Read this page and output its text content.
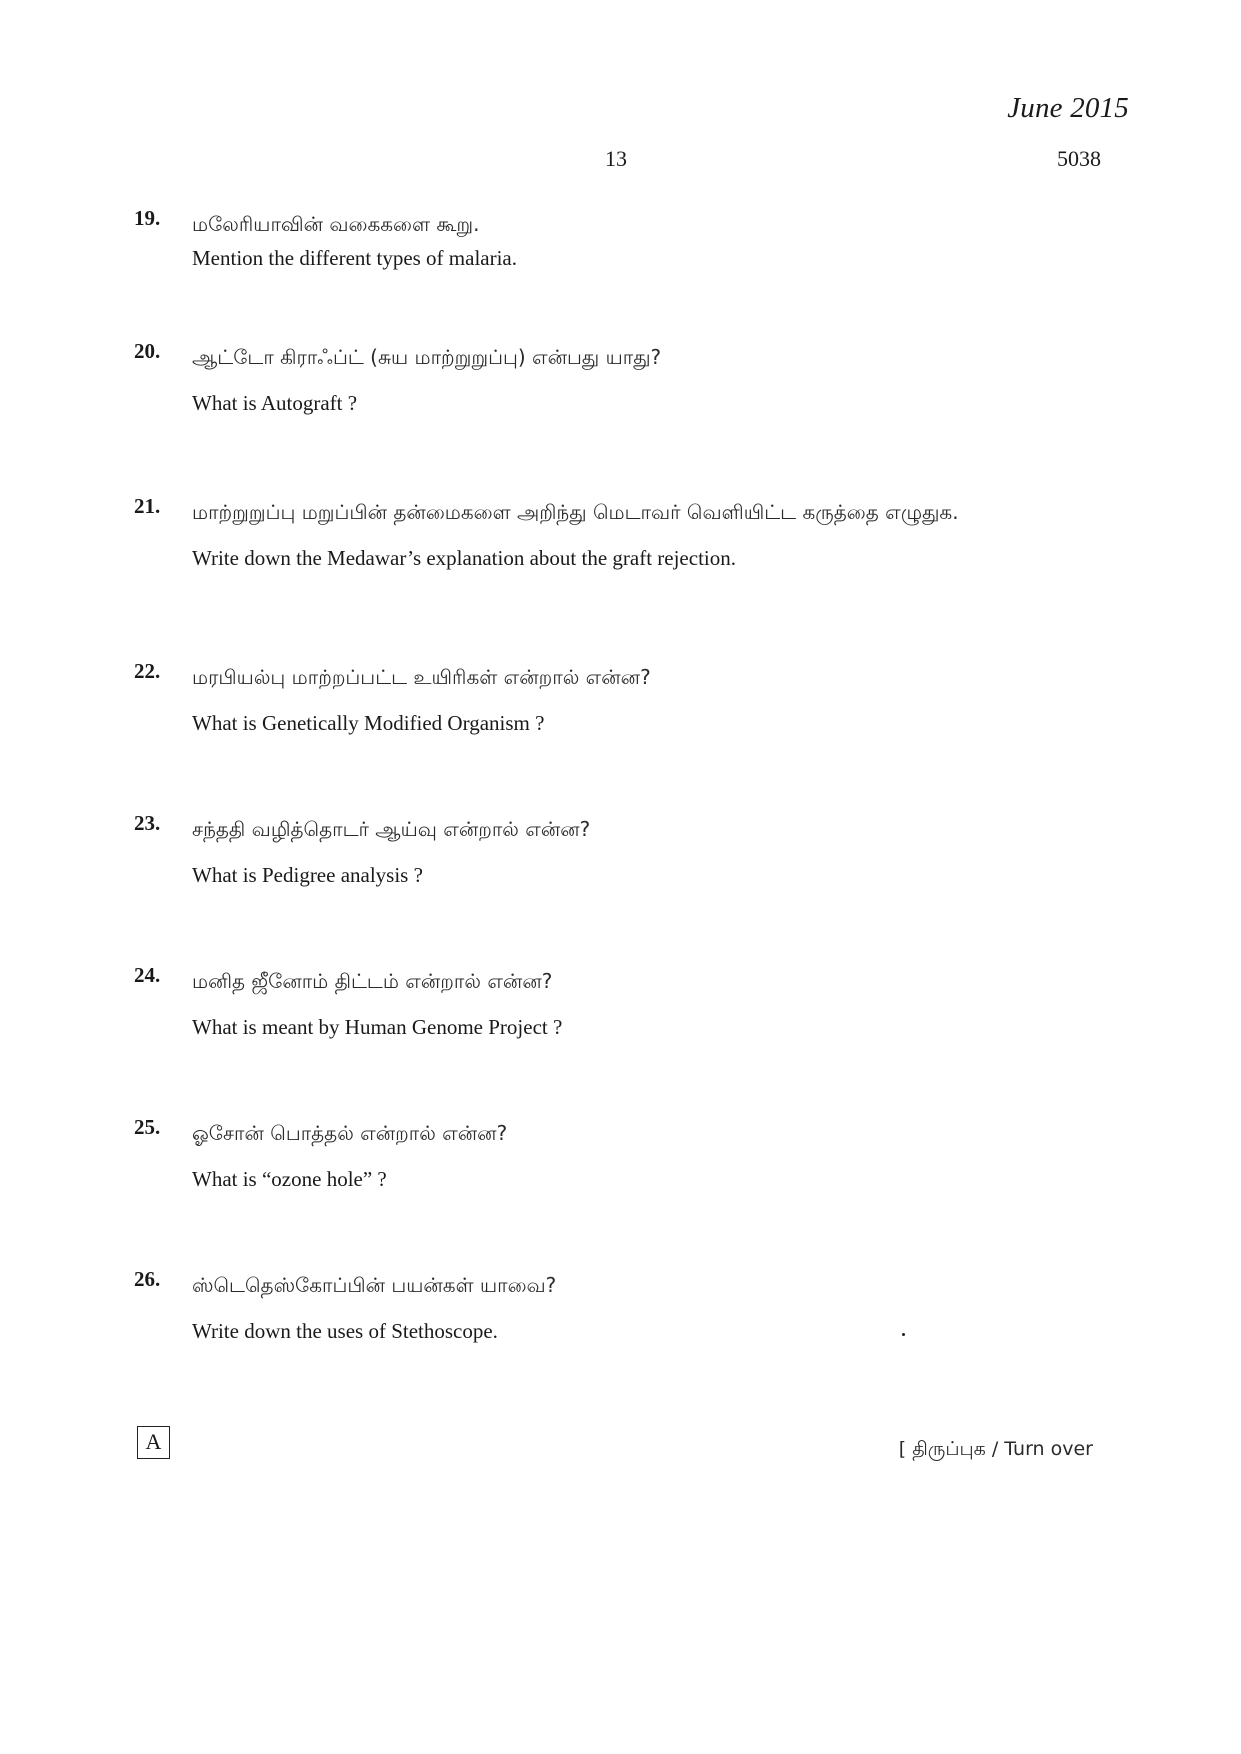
June 2015
13	5038
19. மலேரியாவின் வகைகளை கூறு.

Mention the different types of malaria.

20. ஆட்டோ கிராஃப்ட் (சுய மாற்றுறுப்பு) என்பது யாது?

What is Autograft ?

21. மாற்றுறுப்பு மறுப்பின் தன்மைகளை அறிந்து மெடாவர் வெளியிட்ட கருத்தை எழுதுக.

Write down the Medawar’s explanation about the graft rejection.

22. மரபியல்பு மாற்றப்பட்ட உயிரிகள் என்றால் என்ன?

What is Genetically Modified Organism ?

23. சந்ததி வழித்தொடர் ஆய்வு என்றால் என்ன?

What is Pedigree analysis ?

24. மனித ஜீனோம் திட்டம் என்றால் என்ன?

What is meant by Human Genome Project ?

25. ஓசோன் பொத்தல் என்றால் என்ன?

What is “ozone hole” ?

26. ஸ்டெதெஸ்கோப்பின் பயன்கள் யாவை?

Write down the uses of Stethoscope.

A	[ திருப்புக / Turn over
